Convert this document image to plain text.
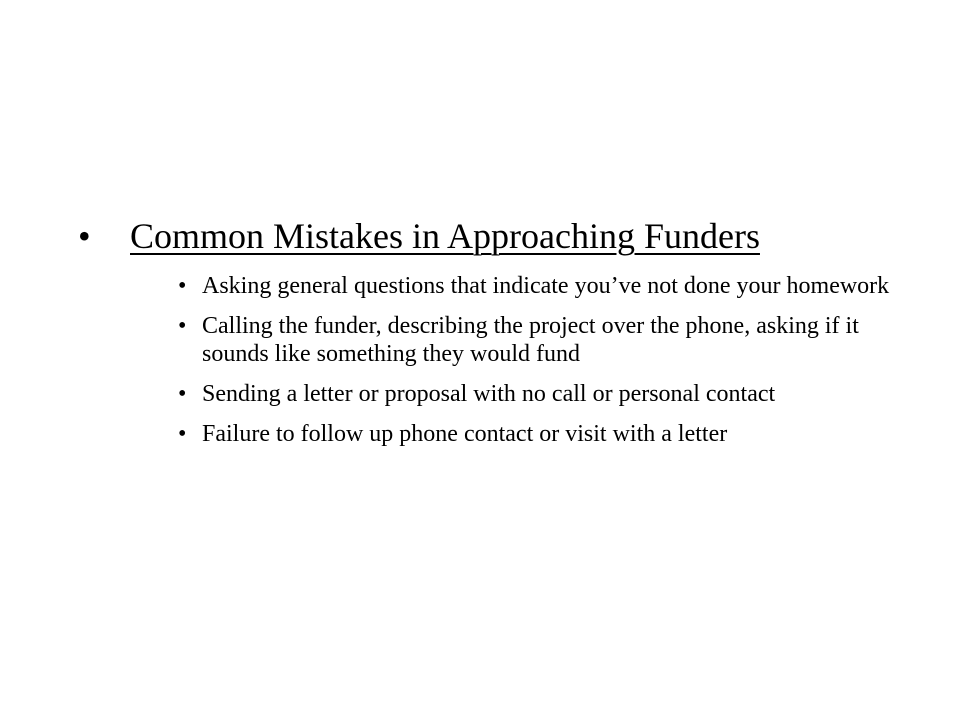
•	Common Mistakes in Approaching Funders
• Asking general questions that indicate you’ve not done your homework
• Calling the funder, describing the project over the phone, asking if it sounds like something they would fund
• Sending a letter or proposal with no call or personal contact
• Failure to follow up phone contact or visit with a letter
